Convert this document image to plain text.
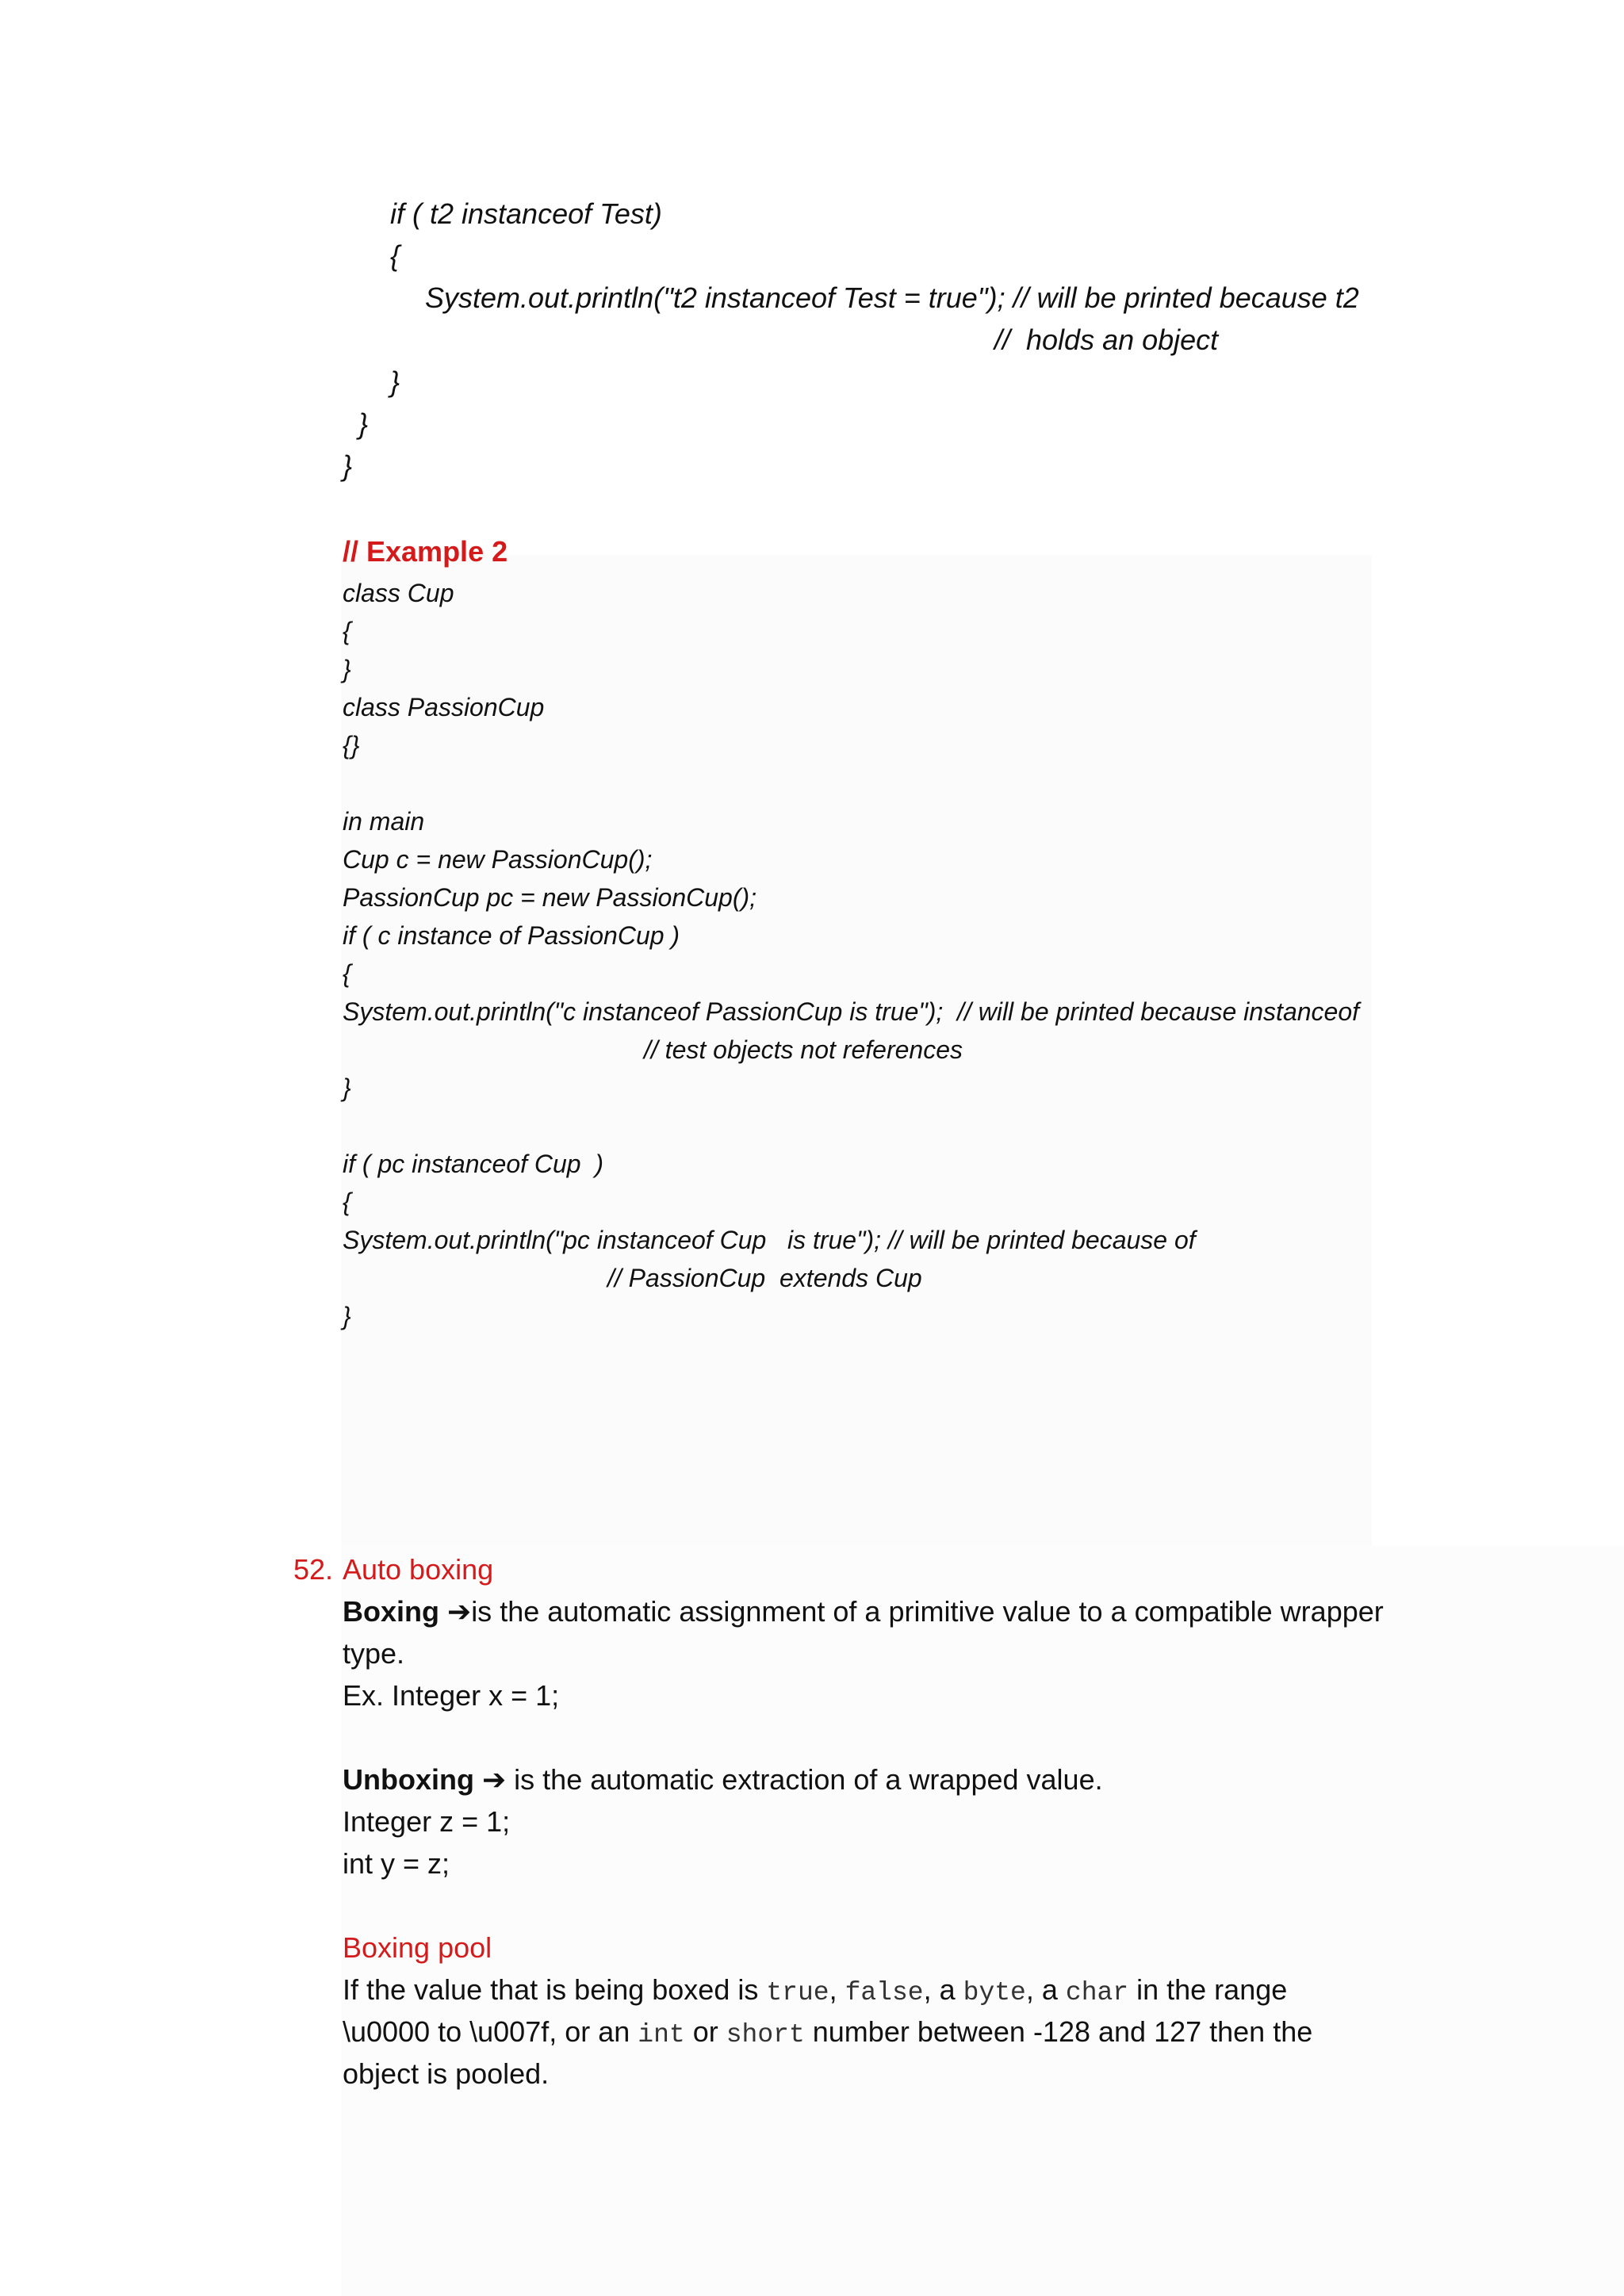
if ( t2 instanceof Test)
{
System.out.println("t2 instanceof Test = true"); // will be printed because t2
//  holds an object
}
}
}
// Example 2
class Cup
{
}
class PassionCup
{}
in main
Cup c = new PassionCup();
PassionCup pc = new PassionCup();
if ( c instance of PassionCup )
{
System.out.println("c instanceof PassionCup is true");  // will be printed because instanceof
// test objects not references
}
if ( pc instanceof Cup  )
{
System.out.println("pc instanceof Cup   is true"); // will be printed because of
// PassionCup  extends Cup
}
52. Auto boxing
Boxing ➔is the automatic assignment of a primitive value to a compatible wrapper
type.
Ex. Integer x = 1;
Unboxing ➔ is the automatic extraction of a wrapped value.
Integer z = 1;
int y = z;
Boxing pool
If the value that is being boxed is true, false, a byte, a char in the range
\u0000 to \u007f, or an int or short number between -128 and 127 then the
object is pooled.
